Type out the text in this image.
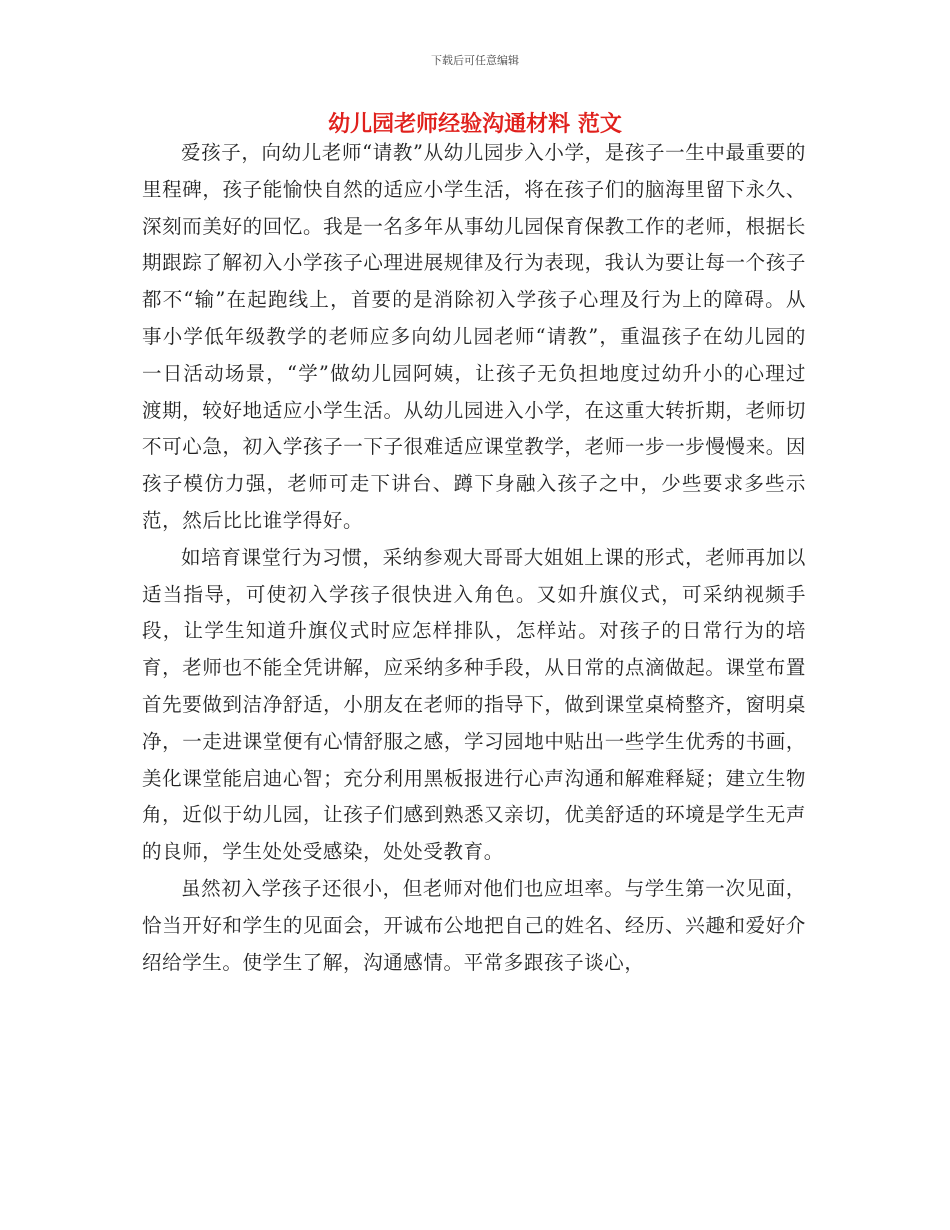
下载后可任意编辑
幼儿园老师经验沟通材料 范文

爱孩子，向幼儿老师“请教”从幼儿园步入小学，是孩子一生中最重要的里程碑，孩子能愉快自然的适应小学生活，将在孩子们的脑海里留下永久、深刻而美好的回忆。我是一名多年从事幼儿园保育保教工作的老师，根据长期跟踪了解初入小学孩子心理进展规律及行为表现，我认为要让每一个孩子都不“输”在起跑线上，首要的是消除初入学孩子心理及行为上的障碍。从事小学低年级教学的老师应多向幼儿园老师“请教”，重温孩子在幼儿园的一日活动场景，“学”做幼儿园阿姨，让孩子无负担地度过幼升小的心理过渡期，较好地适应小学生活。从幼儿园进入小学，在这重大转折期，老师切不可心急，初入学孩子一下子很难适应课堂教学，老师一步一步慢慢来。因孩子模仿力强，老师可走下讲台、蹲下身融入孩子之中，少些要求多些示范，然后比比谁学得好。

如培育课堂行为习惯，采纳参观大哥哥大姐姐上课的形式，老师再加以适当指导，可使初入学孩子很快进入角色。又如升旗仪式，可采纳视频手段，让学生知道升旗仪式时应怎样排队，怎样站。对孩子的日常行为的培育，老师也不能全凭讲解，应采纳多种手段，从日常的点滴做起。课堂布置首先要做到洁净舒适，小朋友在老师的指导下，做到课堂桌椅整齐，窗明桌净，一走进课堂便有心情舒服之感，学习园地中贴出一些学生优秀的书画，美化课堂能启迪心智；充分利用黑板报进行心声沟通和解难释疑；建立生物角，近似于幼儿园，让孩子们感到熟悉又亲切，优美舒适的环境是学生无声的良师，学生处处受感染，处处受教育。

虽然初入学孩子还很小，但老师对他们也应坦率。与学生第一次见面，恰当开好和学生的见面会，开诚布公地把自己的姓名、经历、兴趣和爱好介绍给学生。使学生了解，沟通感情。平常多跟孩子谈心，
